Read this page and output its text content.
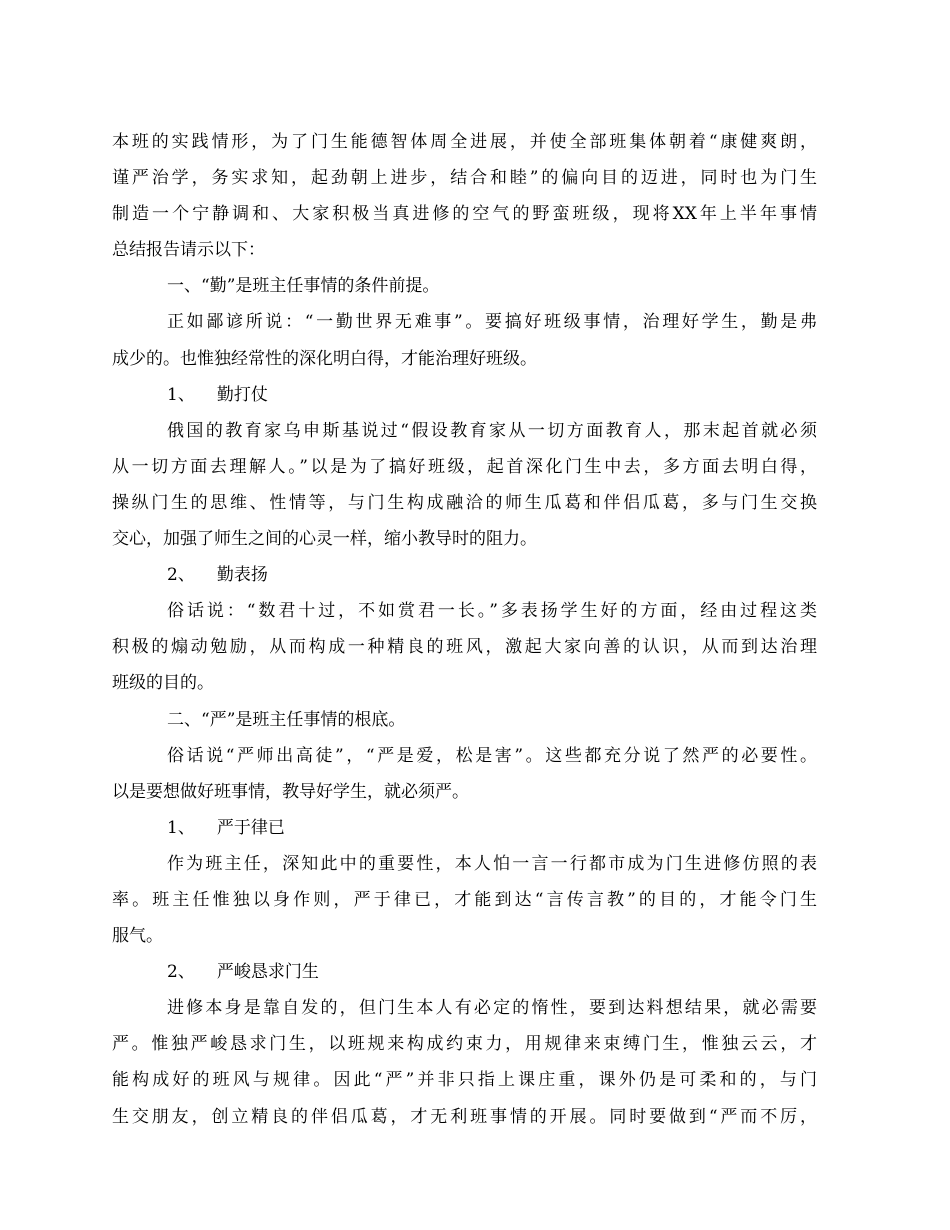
本班的实践情形，为了门生能德智体周全进展，并使全部班集体朝着“康健爽朗，
谨严治学，务实求知，起劲朝上进步，结合和睦”的偏向目的迈进，同时也为门生
制造一个宁静调和、大家积极当真进修的空气的野蛮班级，现将XX年上半年事情
总结报告请示以下：
一、“勤”是班主任事情的条件前提。
正如鄙谚所说：“一勤世界无难事”。要搞好班级事情，治理好学生，勤是弗
成少的。也惟独经常性的深化明白得，才能治理好班级。
1、 勤打仗
俄国的教育家乌申斯基说过“假设教育家从一切方面教育人，那末起首就必须
从一切方面去理解人。”以是为了搞好班级，起首深化门生中去，多方面去明白得，
操纵门生的思维、性情等，与门生构成融洽的师生瓜葛和伴侣瓜葛，多与门生交换
交心，加强了师生之间的心灵一样，缩小教导时的阻力。
2、 勤表扬
俗话说：“数君十过，不如赏君一长。”多表扬学生好的方面，经由过程这类
积极的煽动勉励，从而构成一种精良的班风，激起大家向善的认识，从而到达治理
班级的目的。
二、“严”是班主任事情的根底。
俗话说“严师出高徒”，“严是爱，松是害”。这些都充分说了然严的必要性。
以是要想做好班事情，教导好学生，就必须严。
1、 严于律已
作为班主任，深知此中的重要性，本人怕一言一行都市成为门生进修仿照的表
率。班主任惟独以身作则，严于律已，才能到达“言传言教”的目的，才能令门生
服气。
2、 严峻恳求门生
进修本身是靠自发的，但门生本人有必定的惰性，要到达料想结果，就必需要
严。惟独严峻恳求门生，以班规来构成约束力，用规律来束缚门生，惟独云云，才
能构成好的班风与规律。因此“严”并非只指上课庄重，课外仍是可柔和的，与门
生交朋友，创立精良的伴侣瓜葛，才无利班事情的开展。同时要做到“严而不厉，
